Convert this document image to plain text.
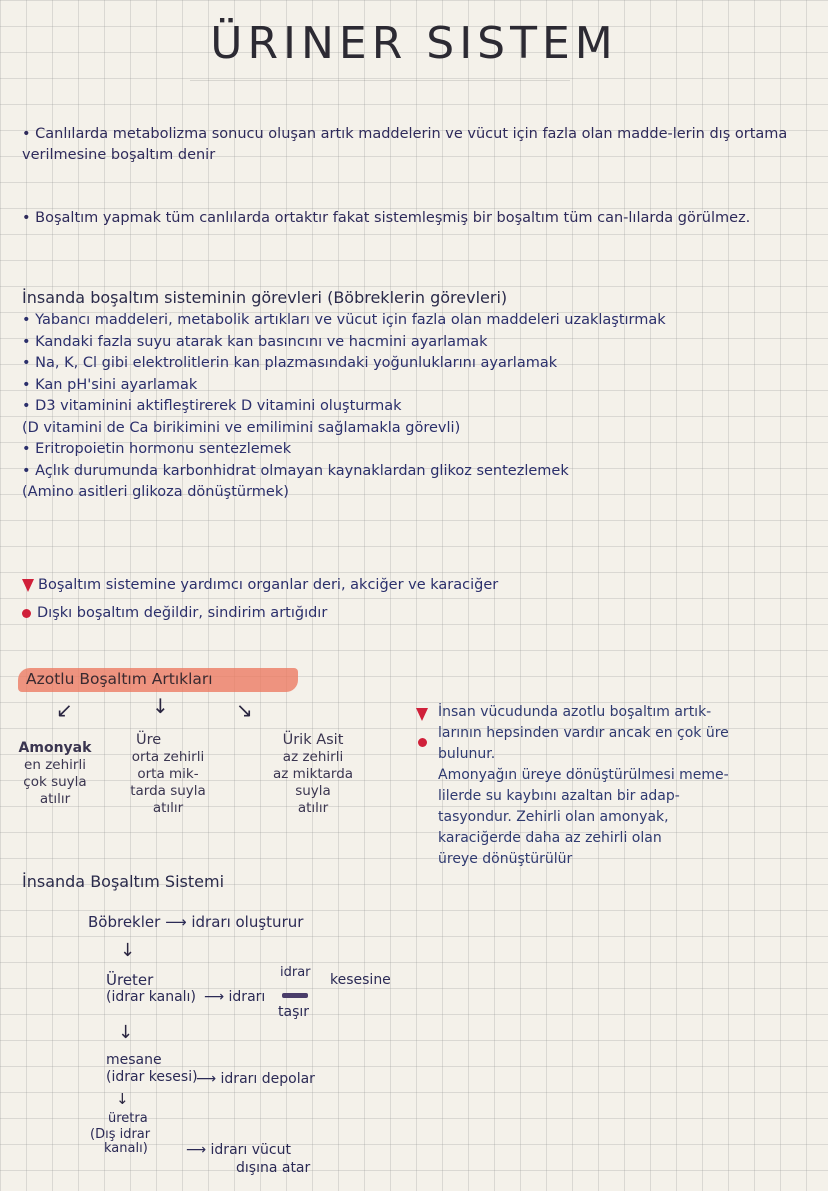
ÜRINER SISTEM
• Canlılarda metabolizma sonucu oluşan artık maddelerin ve vücut için fazla olan madde-lerin dış ortama verilmesine boşaltım denir
• Boşaltım yapmak tüm canlılarda ortaktır fakat sistemleşmiş bir boşaltım tüm can-lılarda görülmez.
İnsanda boşaltım sisteminin görevleri (Böbreklerin görevleri)
• Yabancı maddeleri, metabolik artıkları ve vücut için fazla olan maddeleri uzaklaştırmak
• Kandaki fazla suyu atarak kan basıncını ve hacmini ayarlamak
• Na, K, Cl gibi elektrolitlerin kan plazmasındaki yoğunluklarını ayarlamak
• Kan pH'sini ayarlamak
• D3 vitaminini aktifleştirerek D vitamini oluşturmak
(D vitamini de Ca birikimini ve emilimini sağlamakla görevli)
• Eritropoietin hormonu sentezlemek
• Açlık durumunda karbonhidrat olmayan kaynaklardan glikoz sentezlemek
(Amino asitleri glikoza dönüştürmek)
Boşaltım sistemine yardımcı organlar deri, akciğer ve karaciğer
Dışkı boşaltım değildir, sindirim artığıdır
Azotlu Boşaltım Artıkları
↙	↓	↘
Amonyak
en zehirli
çok suyla
atılır
Üre
orta zehirli
orta mik-
tarda suyla
atılır
Ürik Asit
az zehirli
az miktarda
suyla
atılır
İnsan vücudunda azotlu boşaltım artık-
larının hepsinden vardır ancak en çok üre
bulunur.
Amonyağın üreye dönüştürülmesi meme-
lilerde su kaybını azaltan bir adap-
tasyondur. Zehirli olan amonyak,
karaciğerde daha az zehirli olan
üreye dönüştürülür
İnsanda Boşaltım Sistemi
Böbrekler ⟶ idrarı oluşturur
↓
Üreter
(idrar kanalı) ⟶ idrarı
idrar kesesine
taşır
↓
mesane
(idrar kesesi)
⟶ idrarı depolar
↓
üretra
(Dış idrar
kanalı)	⟶ idrarı vücut
dışına atar
